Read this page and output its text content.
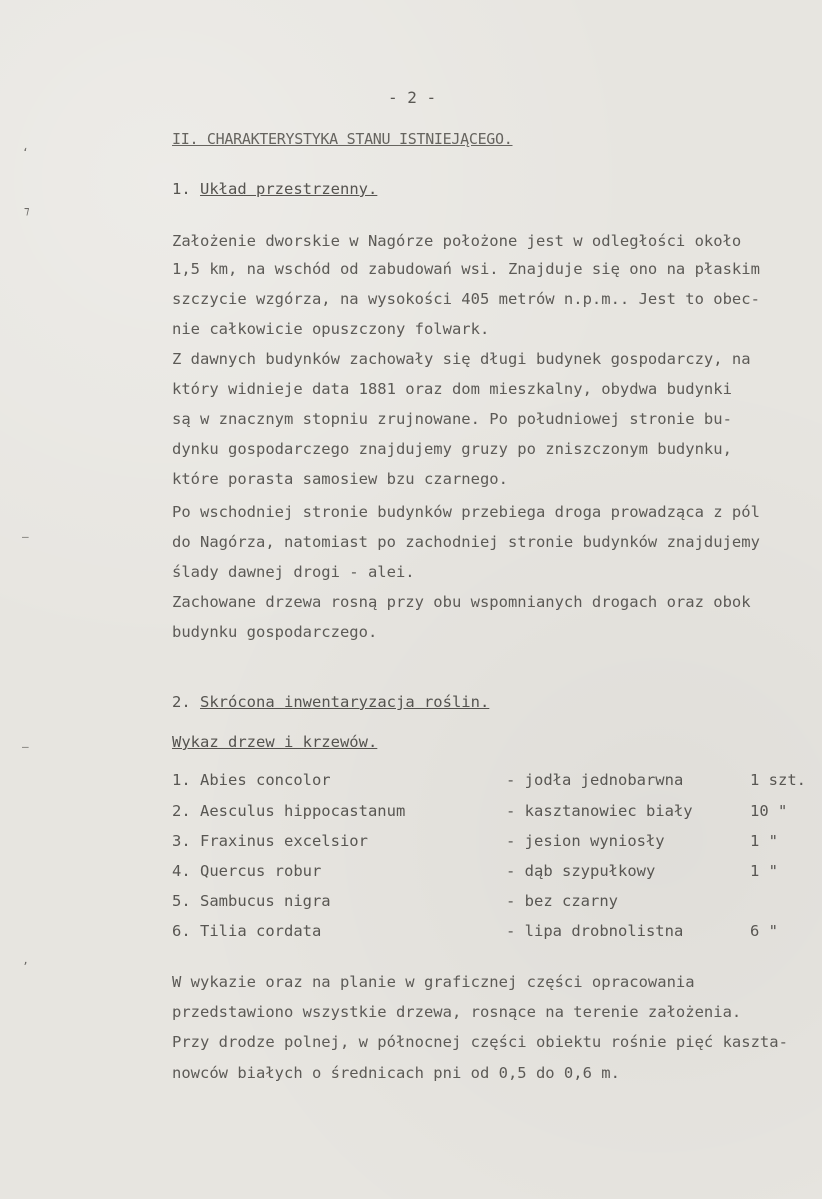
ʻ
⁊
–
–
ʼ
- 2 -
II. CHARAKTERYSTYKA STANU ISTNIEJĄCEGO.
1. Układ przestrzenny.
Założenie dworskie w Nagórze położone jest w odległości około
1,5 km, na wschód od zabudowań wsi. Znajduje się ono na płaskim
szczycie wzgórza, na wysokości 405 metrów n.p.m.. Jest to obec-
nie całkowicie opuszczony folwark.
Z dawnych budynków zachowały się długi budynek gospodarczy, na
który widnieje data 1881 oraz dom mieszkalny, obydwa budynki
są w znacznym stopniu zrujnowane. Po południowej stronie bu-
dynku gospodarczego znajdujemy gruzy po zniszczonym budynku,
które porasta samosiew bzu czarnego.
Po wschodniej stronie budynków przebiega droga prowadząca z pól
do Nagórza, natomiast po zachodniej stronie budynków znajdujemy
ślady dawnej drogi - alei.
Zachowane drzewa rosną przy obu wspomnianych drogach oraz obok
budynku gospodarczego.
2. Skrócona inwentaryzacja roślin.
Wykaz drzew i krzewów.
1. Abies concolor	- jodła jednobarwna	1 szt.
2. Aesculus hippocastanum	- kasztanowiec biały	10 "
3. Fraxinus excelsior	- jesion wyniosły	1 "
4. Quercus robur	- dąb szypułkowy	1 "
5. Sambucus nigra	- bez czarny
6. Tilia cordata	- lipa drobnolistna	6 "
W wykazie oraz na planie w graficznej części opracowania
przedstawiono wszystkie drzewa, rosnące na terenie założenia.
Przy drodze polnej, w północnej części obiektu rośnie pięć kaszta-
nowców białych o średnicach pni od 0,5 do 0,6 m.
